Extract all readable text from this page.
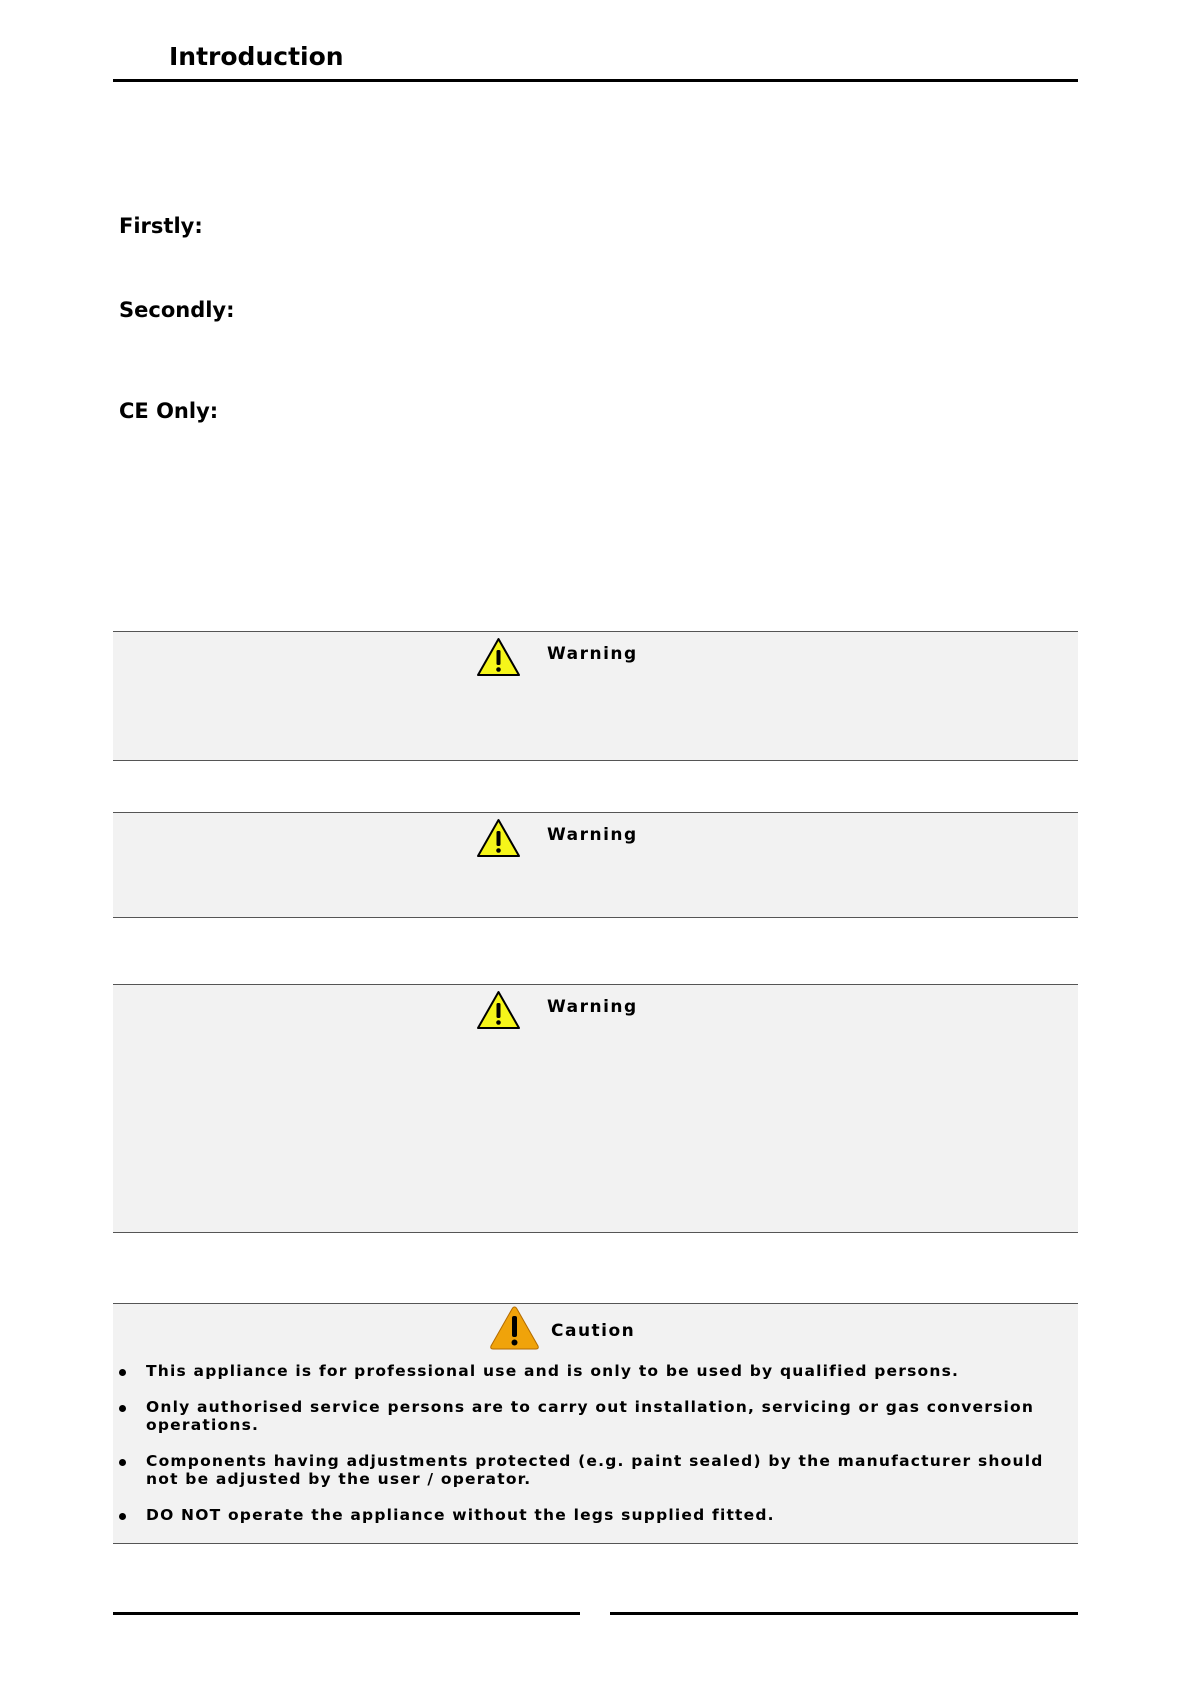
Introduction
Firstly:
Secondly:
CE Only:
Warning
Warning
Warning
Caution
This appliance is for professional use and is only to be used by qualified persons.
Only authorised service persons are to carry out installation, servicing or gas conversion operations.
Components having adjustments protected (e.g. paint sealed) by the manufacturer should not be adjusted by the user / operator.
DO NOT operate the appliance without the legs supplied fitted.
